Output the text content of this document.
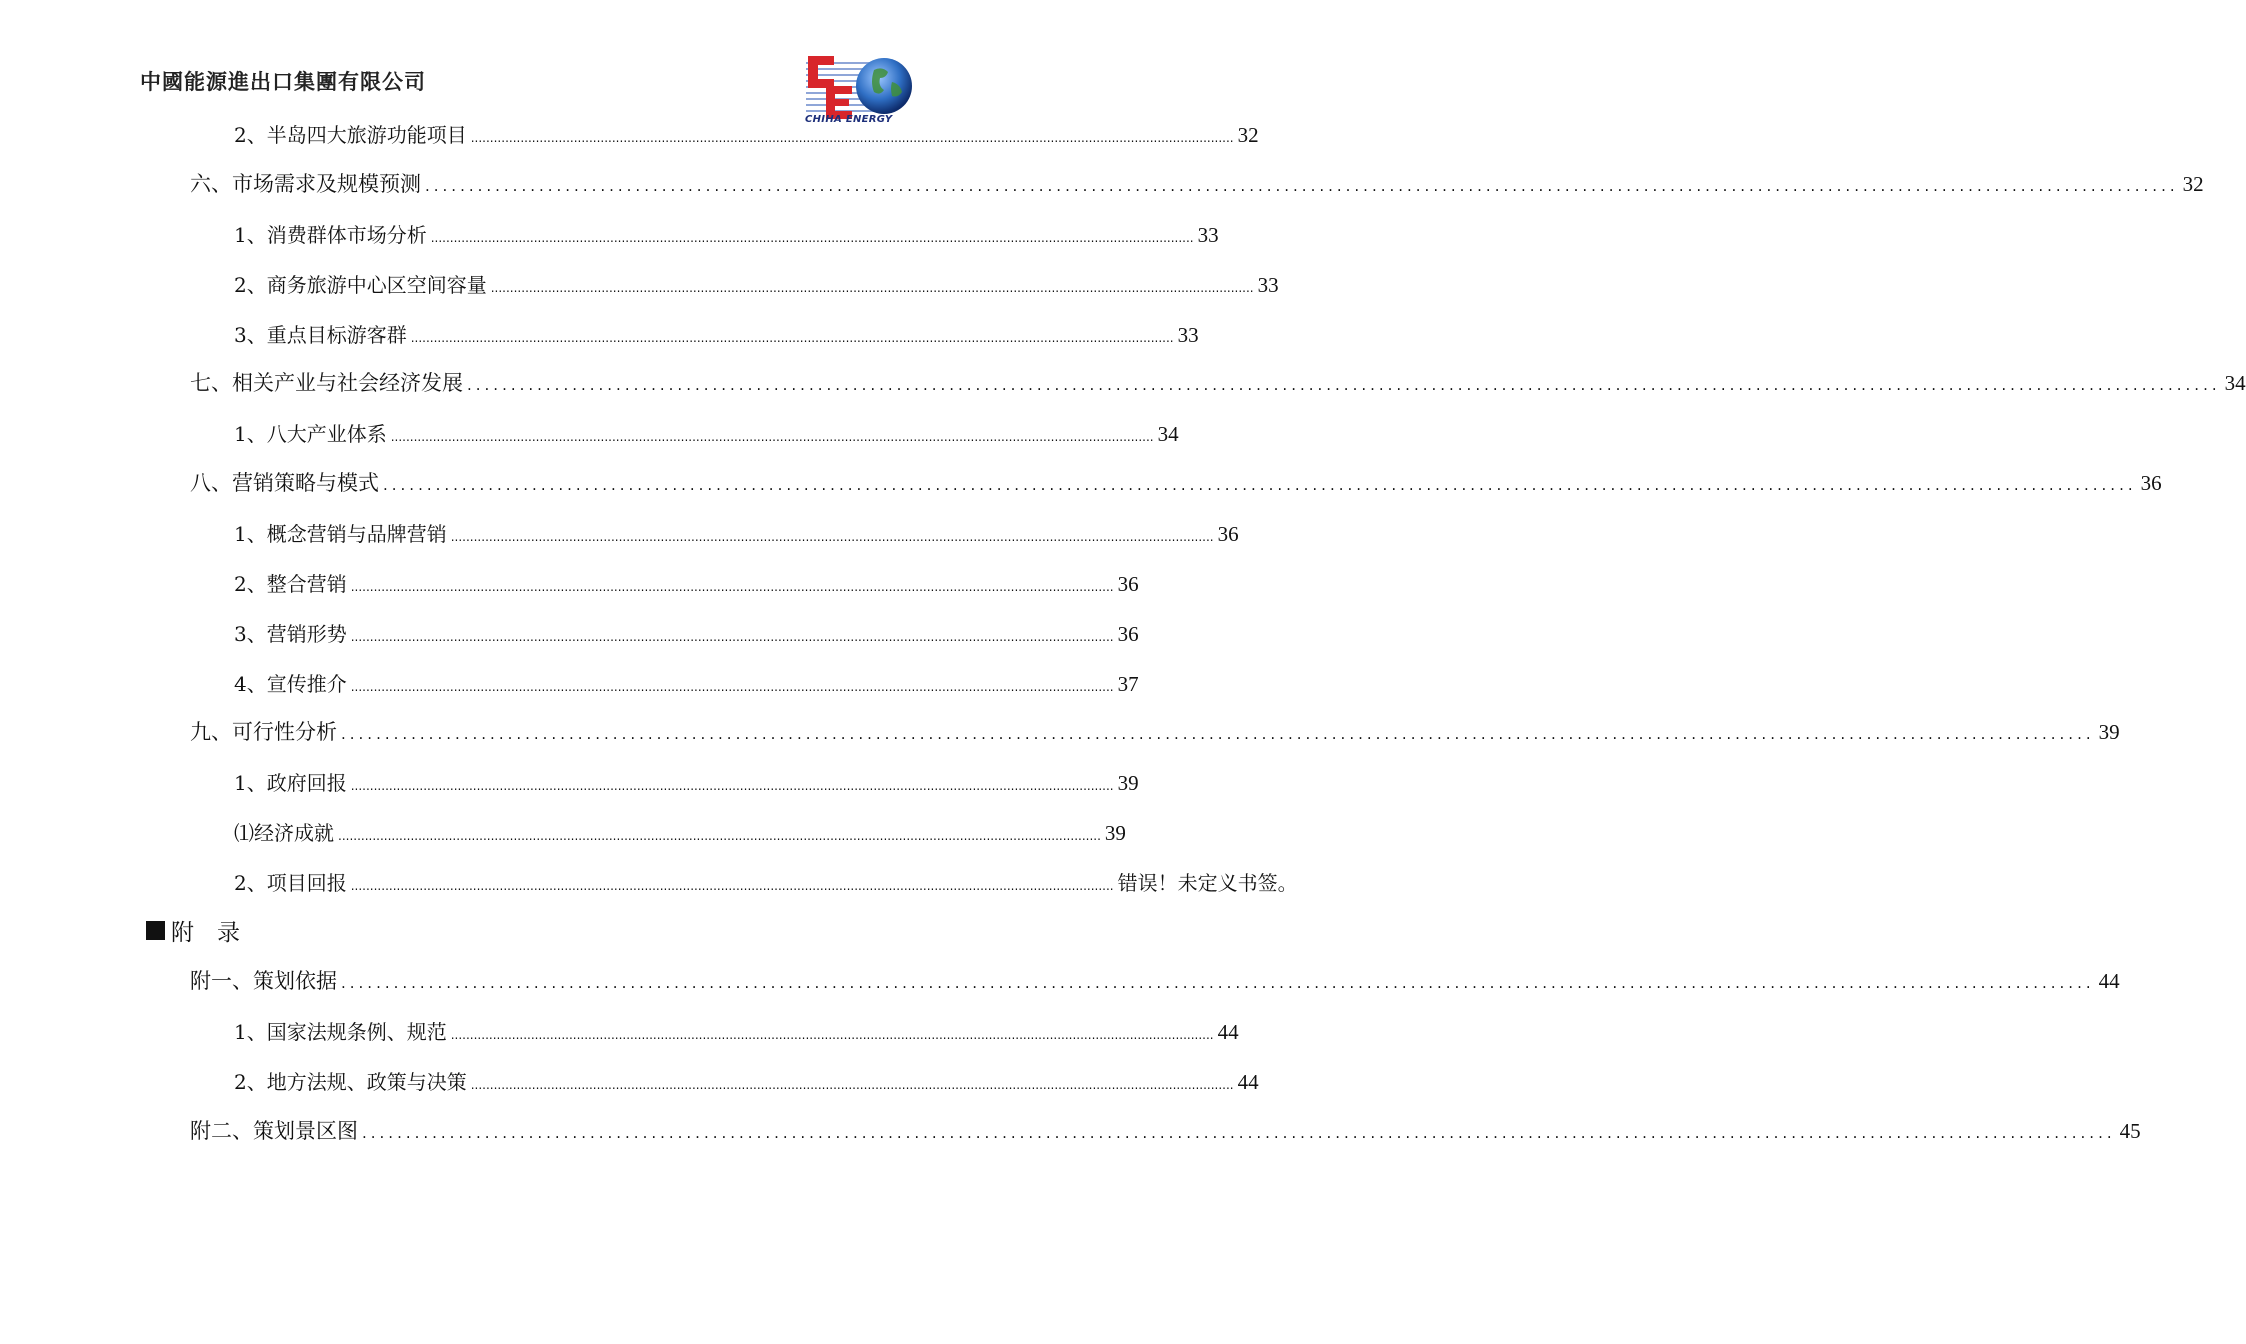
中國能源進出口集團有限公司
CHIHA ENERGY
2、半岛四大旅游功能项目 ........................................................................................................................................................................................................ 32
六、市场需求及规模预测 ........................................................................................................................................................................................................ 32
1、消费群体市场分析 ........................................................................................................................................................................................................ 33
2、商务旅游中心区空间容量 ........................................................................................................................................................................................................ 33
3、重点目标游客群 ........................................................................................................................................................................................................ 33
七、相关产业与社会经济发展 ........................................................................................................................................................................................................ 34
1、八大产业体系 ........................................................................................................................................................................................................ 34
八、营销策略与模式 ........................................................................................................................................................................................................ 36
1、概念营销与品牌营销 ........................................................................................................................................................................................................ 36
2、整合营销 ........................................................................................................................................................................................................ 36
3、营销形势 ........................................................................................................................................................................................................ 36
4、宣传推介 ........................................................................................................................................................................................................ 37
九、可行性分析 ........................................................................................................................................................................................................ 39
1、政府回报 ........................................................................................................................................................................................................ 39
⑴经济成就 ........................................................................................................................................................................................................ 39
2、项目回报 ........................................................................................................................................................................................................ 错误！未定义书签。
附　录
附一、策划依据 ........................................................................................................................................................................................................ 44
1、国家法规条例、规范 ........................................................................................................................................................................................................ 44
2、地方法规、政策与决策 ........................................................................................................................................................................................................ 44
附二、策划景区图 ........................................................................................................................................................................................................ 45
